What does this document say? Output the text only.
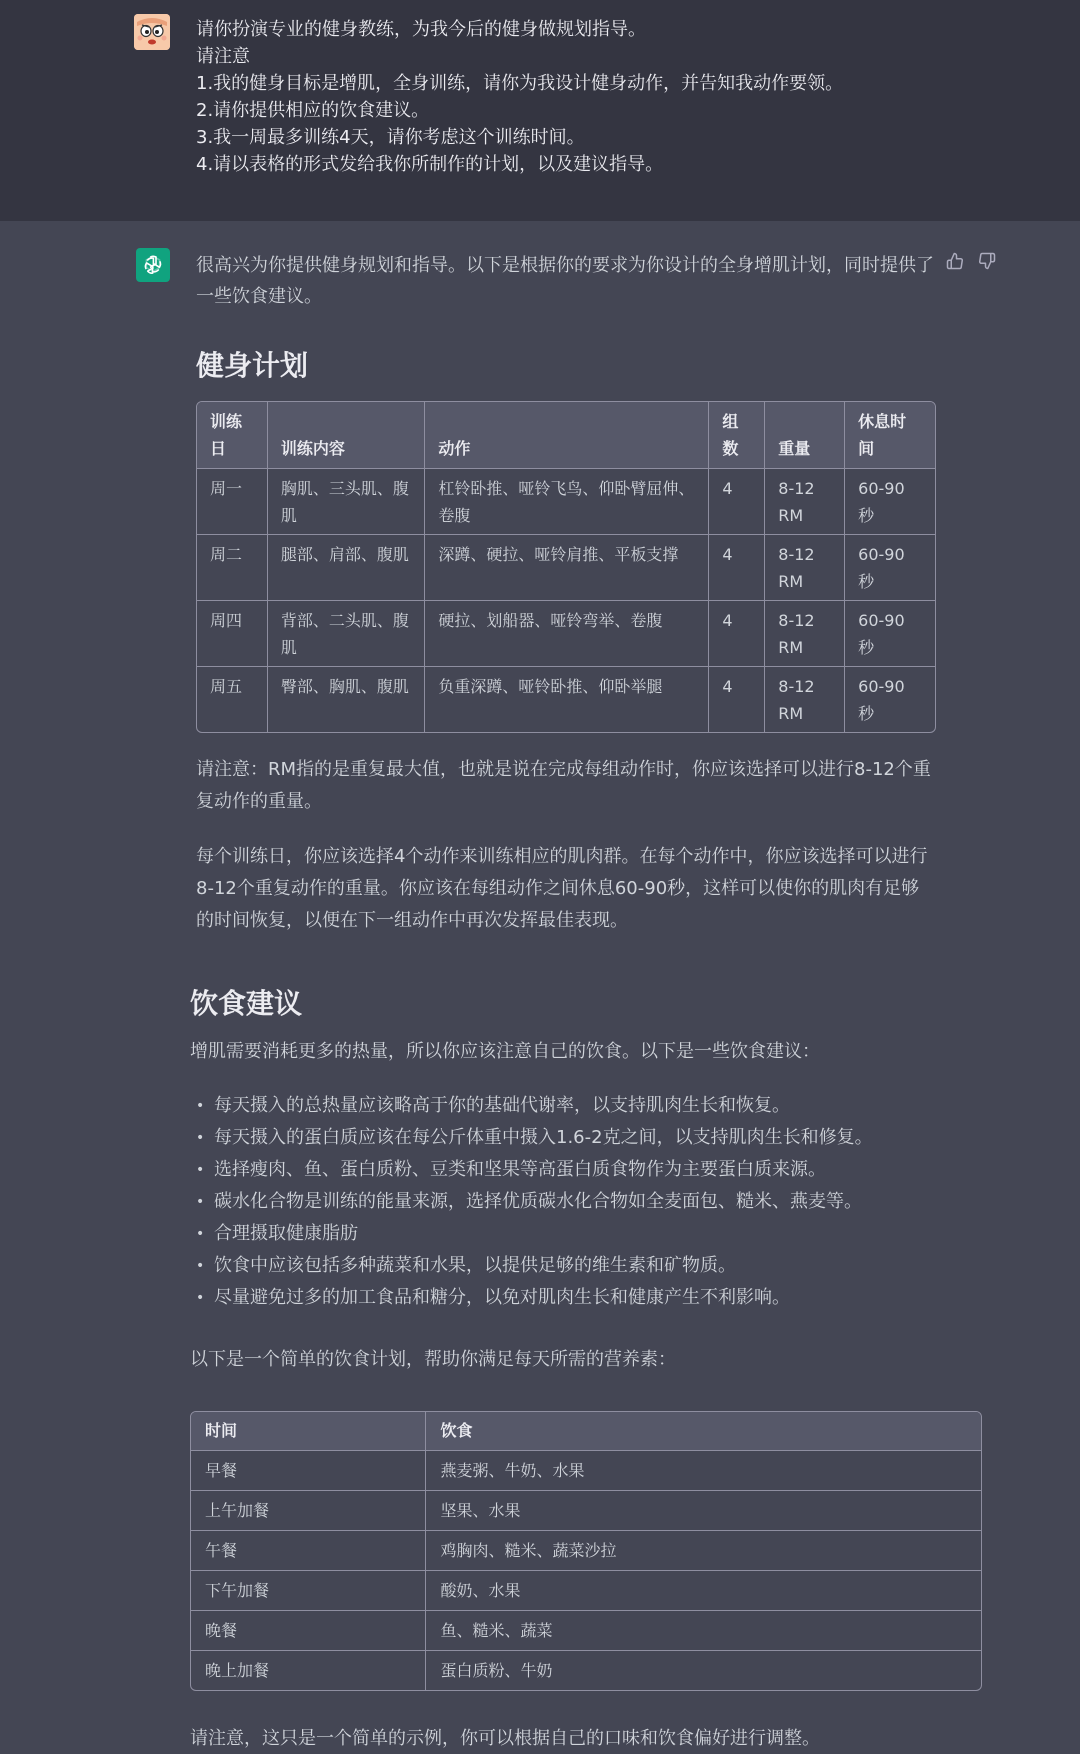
请你扮演专业的健身教练，为我今后的健身做规划指导。
请注意
1.我的健身目标是增肌，全身训练，请你为我设计健身动作，并告知我动作要领。
2.请你提供相应的饮食建议。
3.我一周最多训练4天，请你考虑这个训练时间。
4.请以表格的形式发给我你所制作的计划，以及建议指导。
很高兴为你提供健身规划和指导。以下是根据你的要求为你设计的全身增肌计划，同时提供了一些饮食建议。
健身计划
训练日	训练内容	动作	组数	重量	休息时间
周一	胸肌、三头肌、腹肌	杠铃卧推、哑铃飞鸟、仰卧臂屈伸、卷腹	4	8-12 RM	60-90 秒
周二	腿部、肩部、腹肌	深蹲、硬拉、哑铃肩推、平板支撑	4	8-12 RM	60-90 秒
周四	背部、二头肌、腹肌	硬拉、划船器、哑铃弯举、卷腹	4	8-12 RM	60-90 秒
周五	臀部、胸肌、腹肌	负重深蹲、哑铃卧推、仰卧举腿	4	8-12 RM	60-90 秒
请注意：RM指的是重复最大值，也就是说在完成每组动作时，你应该选择可以进行8-12个重复动作的重量。
每个训练日，你应该选择4个动作来训练相应的肌肉群。在每个动作中，你应该选择可以进行8-12个重复动作的重量。你应该在每组动作之间休息60-90秒，这样可以使你的肌肉有足够的时间恢复，以便在下一组动作中再次发挥最佳表现。
饮食建议
增肌需要消耗更多的热量，所以你应该注意自己的饮食。以下是一些饮食建议：
• 每天摄入的总热量应该略高于你的基础代谢率，以支持肌肉生长和恢复。
• 每天摄入的蛋白质应该在每公斤体重中摄入1.6-2克之间，以支持肌肉生长和修复。
• 选择瘦肉、鱼、蛋白质粉、豆类和坚果等高蛋白质食物作为主要蛋白质来源。
• 碳水化合物是训练的能量来源，选择优质碳水化合物如全麦面包、糙米、燕麦等。
• 合理摄取健康脂肪
• 饮食中应该包括多种蔬菜和水果，以提供足够的维生素和矿物质。
• 尽量避免过多的加工食品和糖分，以免对肌肉生长和健康产生不利影响。
以下是一个简单的饮食计划，帮助你满足每天所需的营养素：
时间	饮食
早餐	燕麦粥、牛奶、水果
上午加餐	坚果、水果
午餐	鸡胸肉、糙米、蔬菜沙拉
下午加餐	酸奶、水果
晚餐	鱼、糙米、蔬菜
晚上加餐	蛋白质粉、牛奶
请注意，这只是一个简单的示例，你可以根据自己的口味和饮食偏好进行调整。
